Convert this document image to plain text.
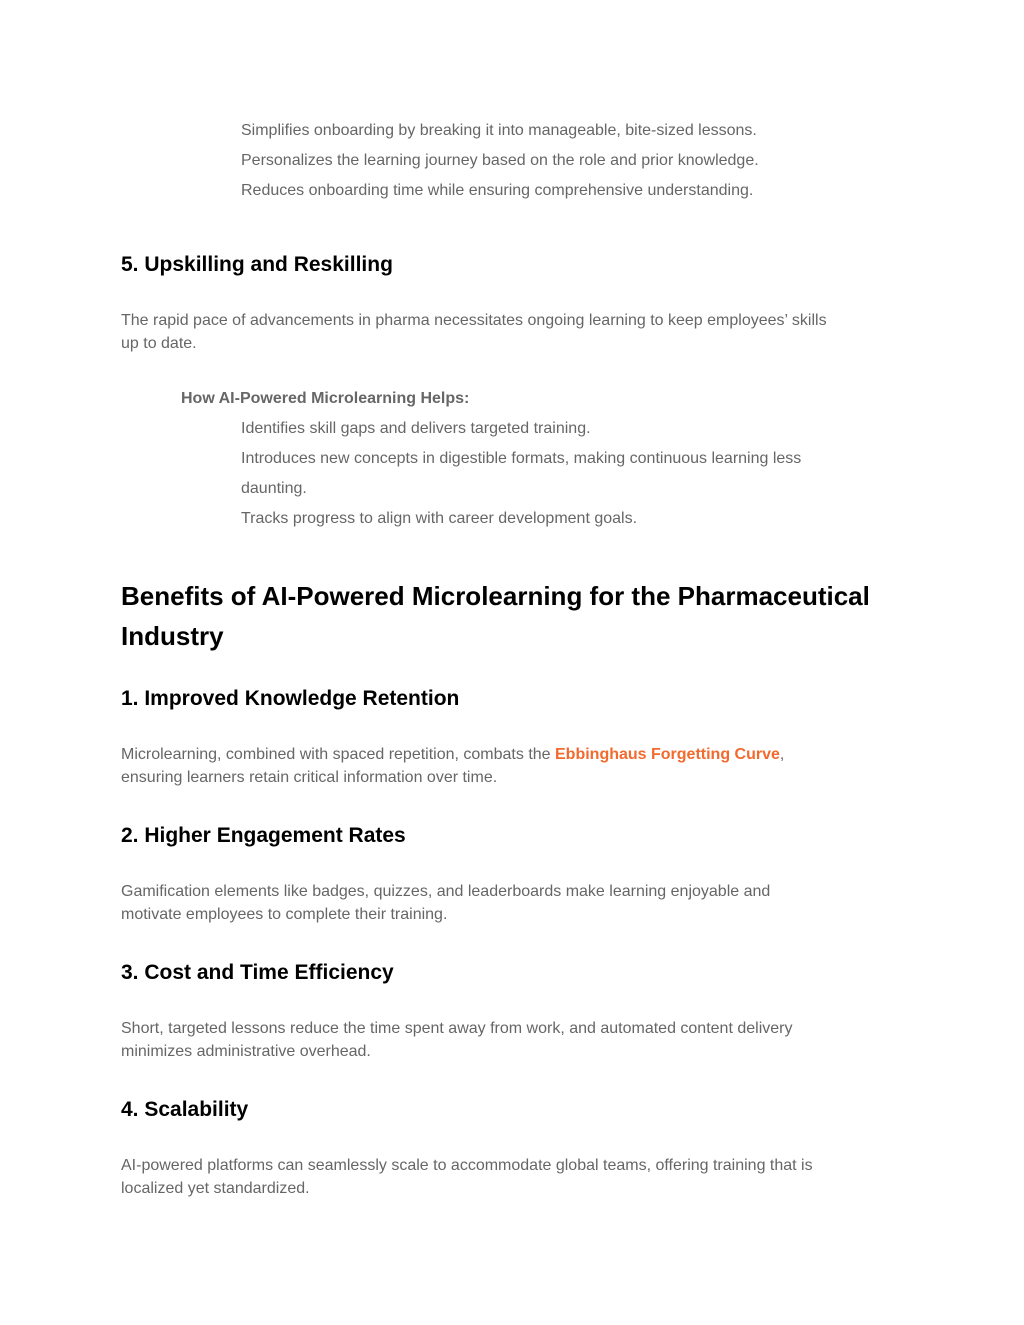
Simplifies onboarding by breaking it into manageable, bite-sized lessons.

Personalizes the learning journey based on the role and prior knowledge.

Reduces onboarding time while ensuring comprehensive understanding.

5. Upskilling and Reskilling

The rapid pace of advancements in pharma necessitates ongoing learning to keep employees’ skills

up to date.

How AI-Powered Microlearning Helps:

Identifies skill gaps and delivers targeted training.

Introduces new concepts in digestible formats, making continuous learning less

daunting.

Tracks progress to align with career development goals.

Benefits of AI-Powered Microlearning for the Pharmaceutical
Industry
1. Improved Knowledge Retention

Microlearning, combined with spaced repetition, combats the Ebbinghaus Forgetting Curve,

ensuring learners retain critical information over time.

2. Higher Engagement Rates

Gamification elements like badges, quizzes, and leaderboards make learning enjoyable and

motivate employees to complete their training.

3. Cost and Time Efficiency

Short, targeted lessons reduce the time spent away from work, and automated content delivery

minimizes administrative overhead.

4. Scalability

AI-powered platforms can seamlessly scale to accommodate global teams, offering training that is

localized yet standardized.
